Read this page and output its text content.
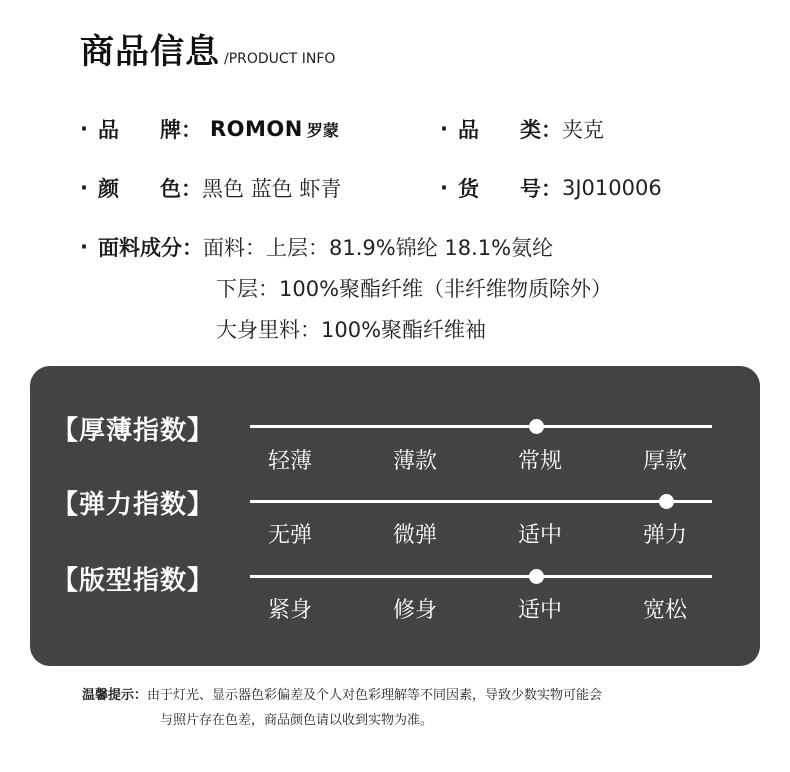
商品信息 /PRODUCT INFO
· 品 牌： ROMON 罗蒙	· 品 类： 夹克
· 颜 色： 黑色 蓝色 虾青	· 货 号： 3J010006
· 面料成分： 面料：上层：81.9%锦纶 18.1%氨纶
下层：100%聚酯纤维（非纤维物质除外）
大身里料：100%聚酯纤维袖
【厚薄指数】
轻薄	薄款	常规	厚款
【弹力指数】
无弹	微弹	适中	弹力
【版型指数】
紧身	修身	适中	宽松
温馨提示：由于灯光、显示器色彩偏差及个人对色彩理解等不同因素，导致少数实物可能会
与照片存在色差，商品颜色请以收到实物为准。
